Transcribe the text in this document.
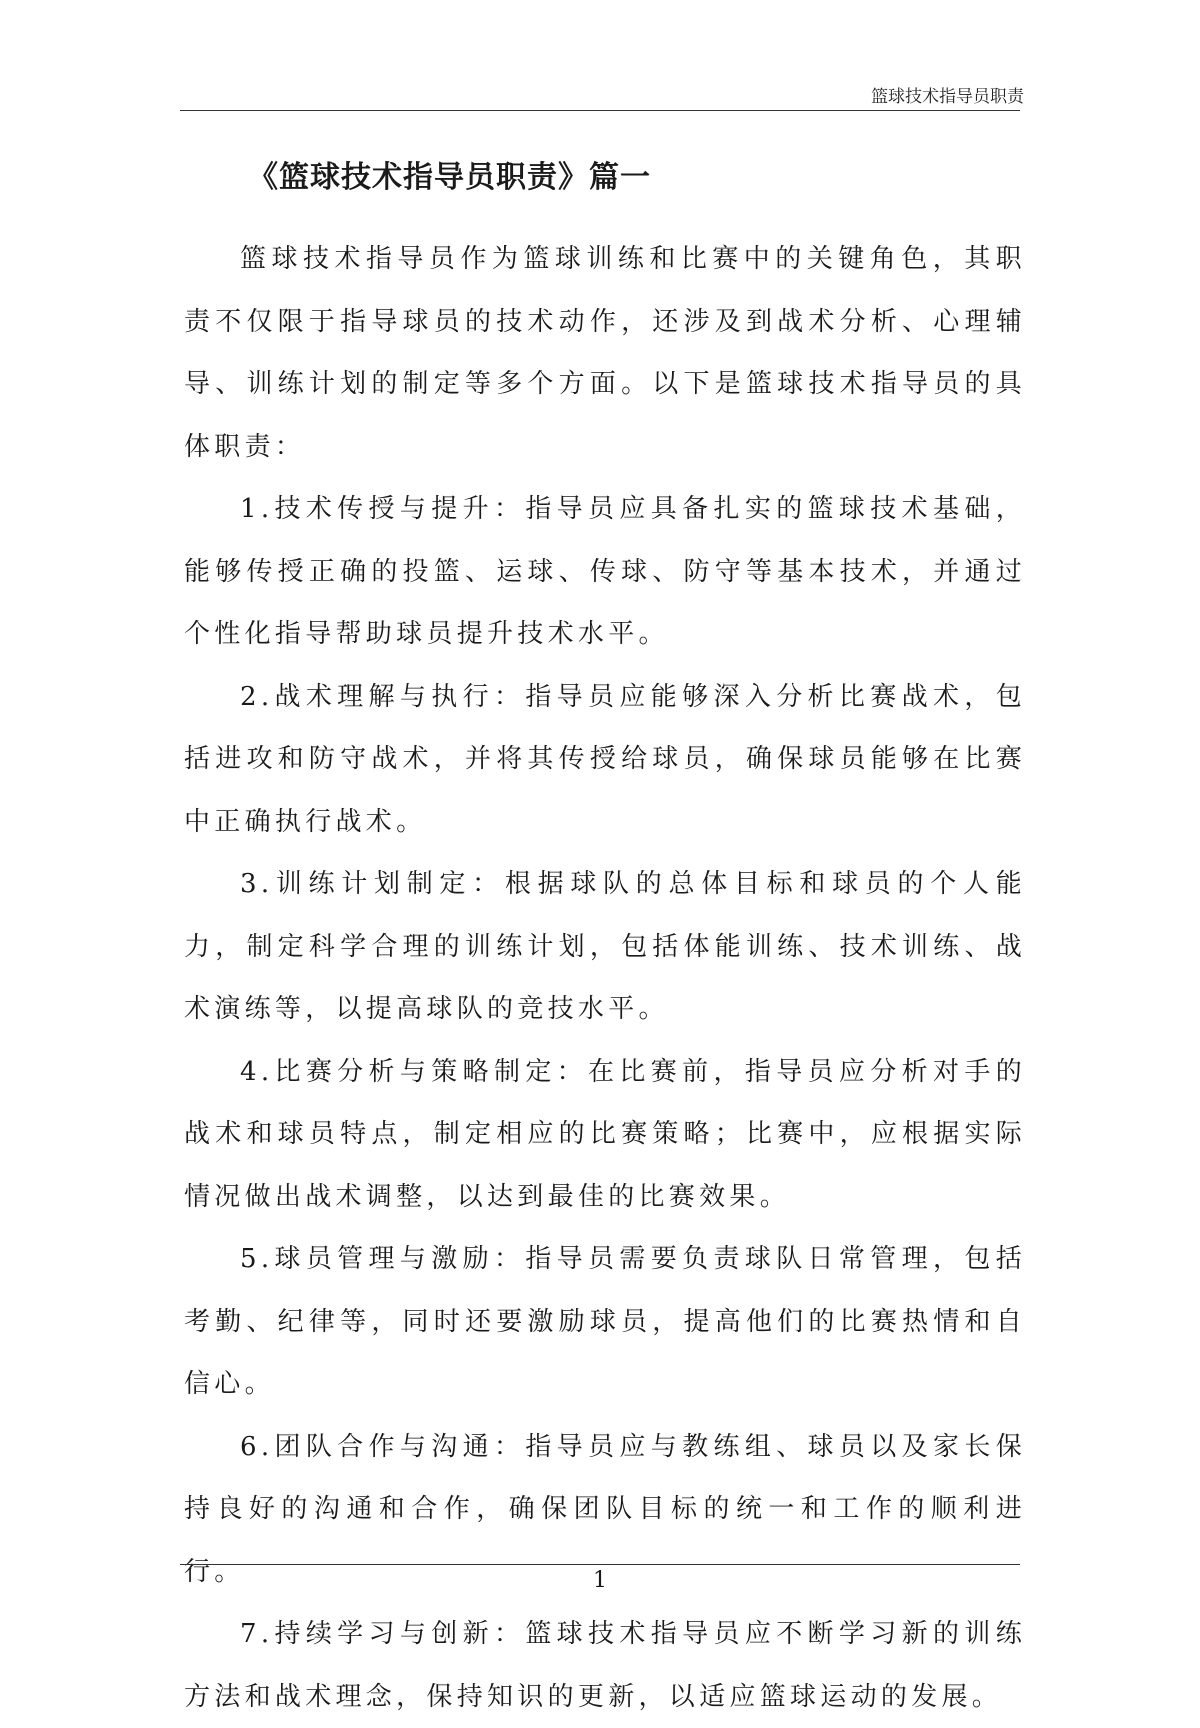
篮球技术指导员职责
《篮球技术指导员职责》篇一

篮球技术指导员作为篮球训练和比赛中的关键角色，其职责不仅限于指导球员的技术动作，还涉及到战术分析、心理辅导、训练计划的制定等多个方面。以下是篮球技术指导员的具体职责：

1.技术传授与提升：指导员应具备扎实的篮球技术基础，能够传授正确的投篮、运球、传球、防守等基本技术，并通过个性化指导帮助球员提升技术水平。

2.战术理解与执行：指导员应能够深入分析比赛战术，包括进攻和防守战术，并将其传授给球员，确保球员能够在比赛中正确执行战术。

3.训练计划制定：根据球队的总体目标和球员的个人能力，制定科学合理的训练计划，包括体能训练、技术训练、战术演练等，以提高球队的竞技水平。

4.比赛分析与策略制定：在比赛前，指导员应分析对手的战术和球员特点，制定相应的比赛策略；比赛中，应根据实际情况做出战术调整，以达到最佳的比赛效果。

5.球员管理与激励：指导员需要负责球队日常管理，包括考勤、纪律等，同时还要激励球员，提高他们的比赛热情和自信心。

6.团队合作与沟通：指导员应与教练组、球员以及家长保持良好的沟通和合作，确保团队目标的统一和工作的顺利进行。

7.持续学习与创新：篮球技术指导员应不断学习新的训练方法和战术理念，保持知识的更新，以适应篮球运动的发展。

1
